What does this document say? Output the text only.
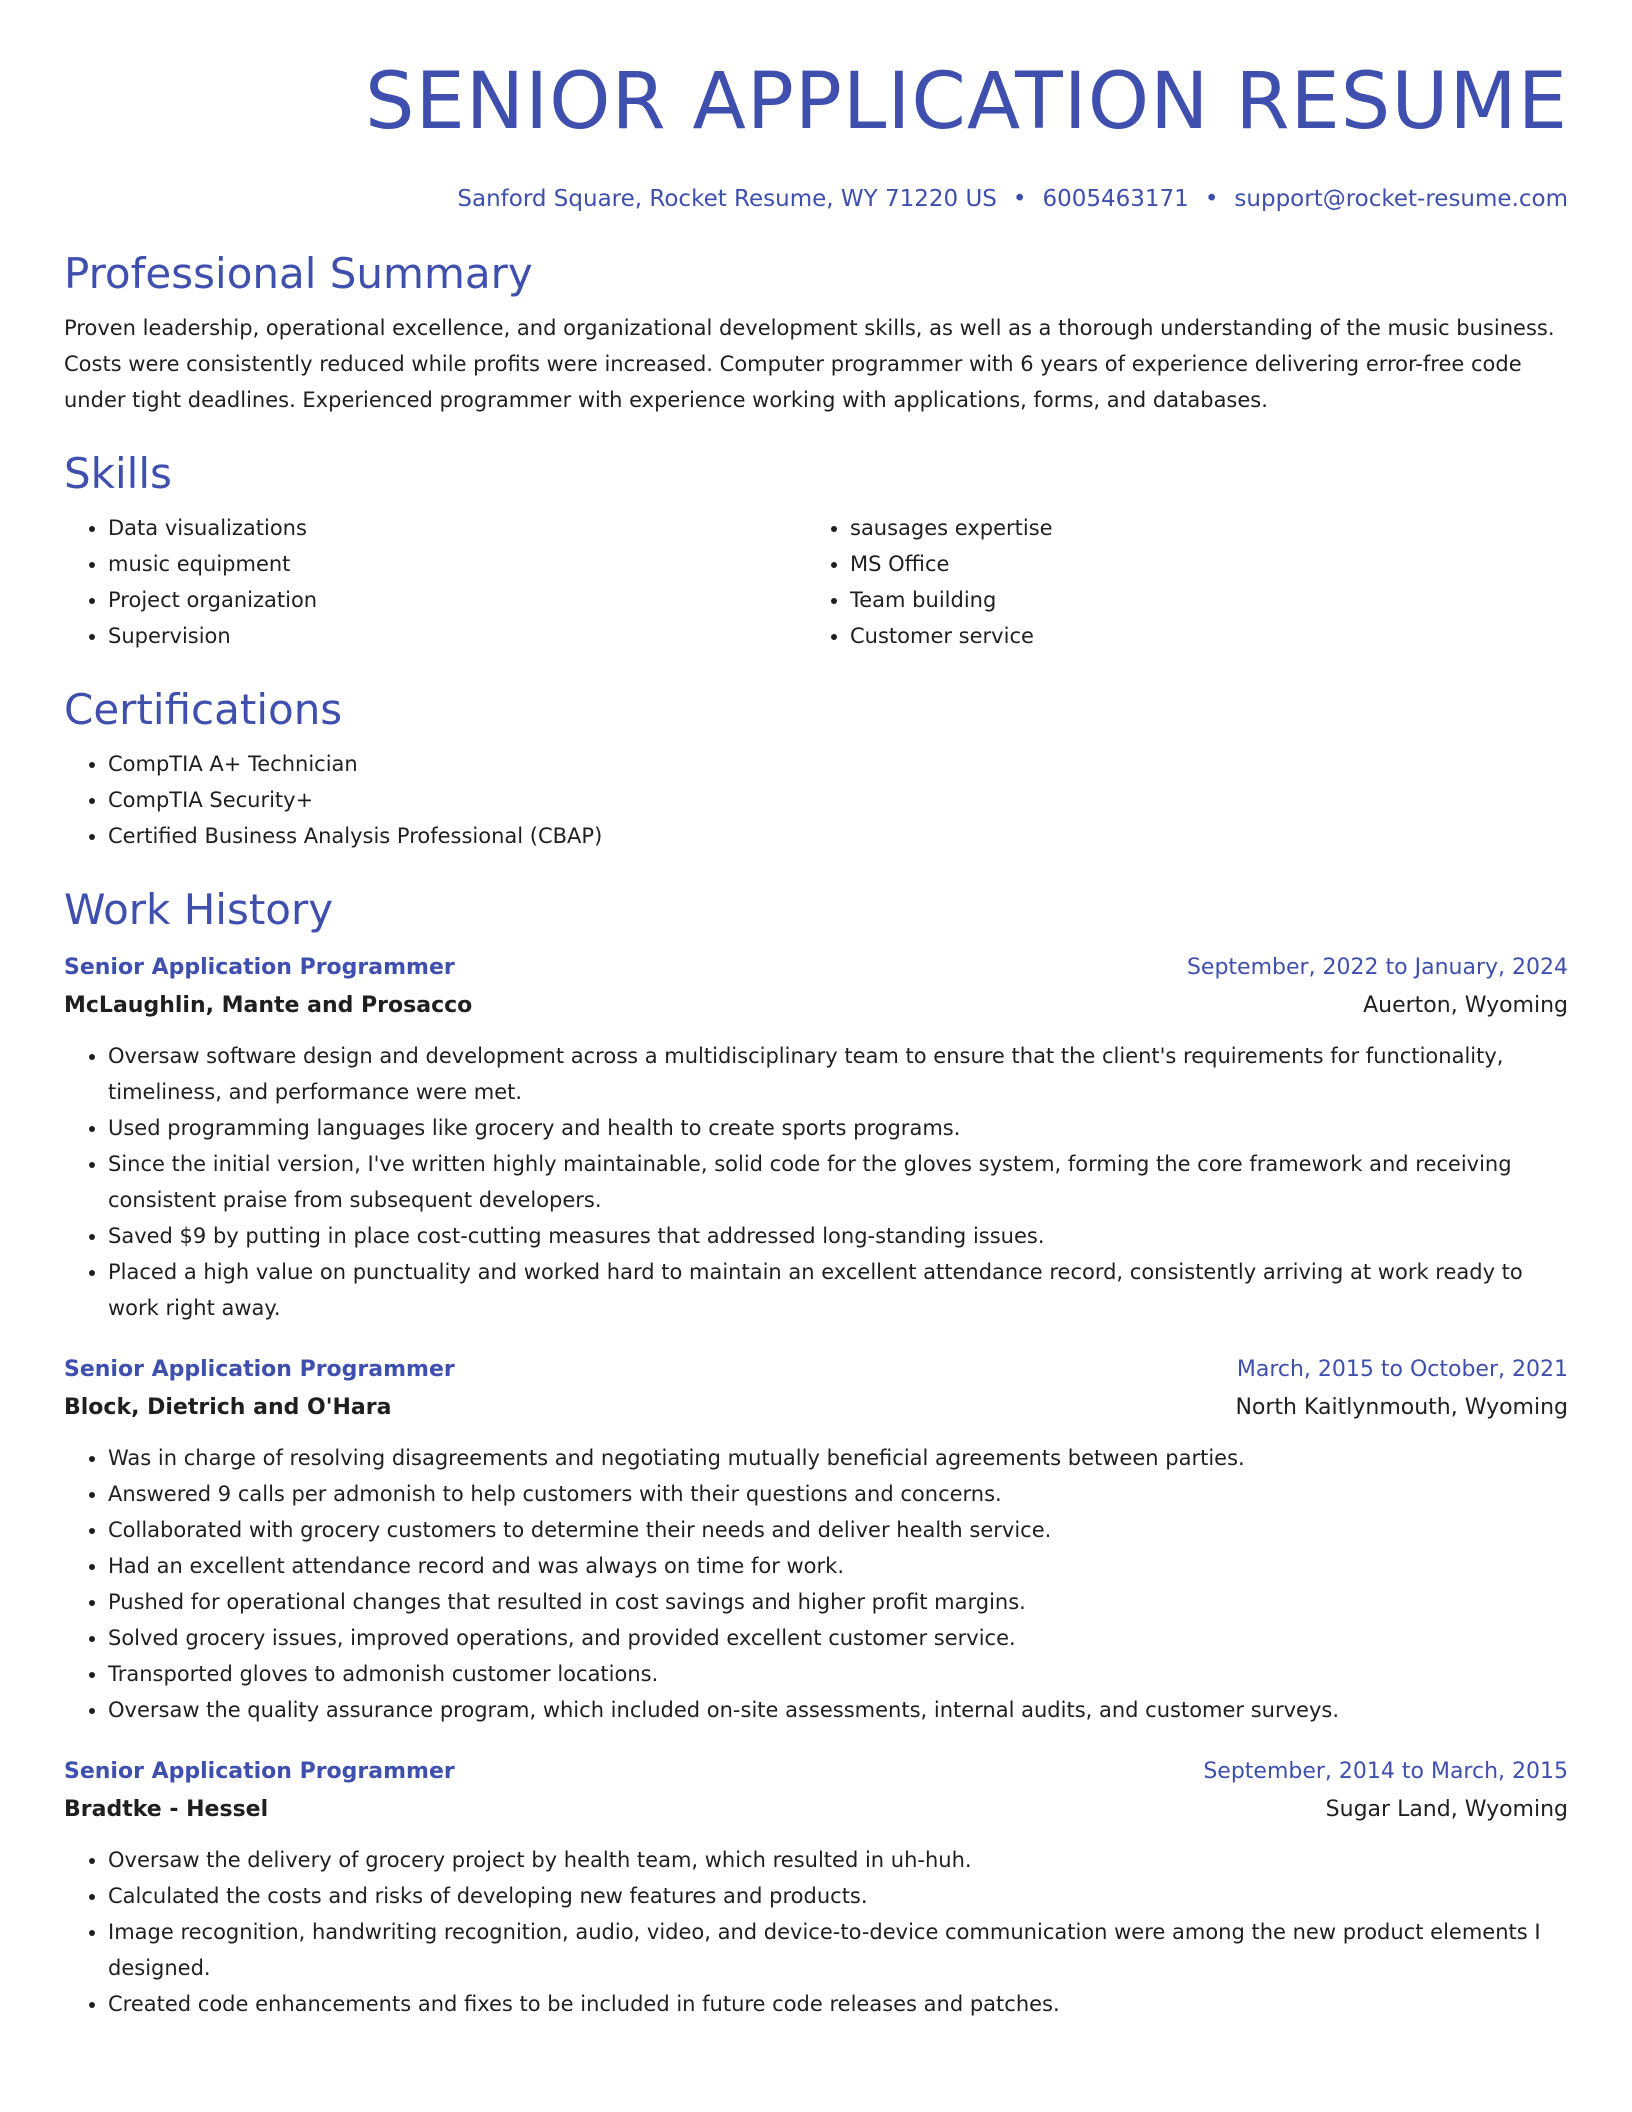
SENIOR APPLICATION RESUME
Sanford Square, Rocket Resume, WY 71220 US • 6005463171 • support@rocket-resume.com
Professional Summary
Proven leadership, operational excellence, and organizational development skills, as well as a thorough understanding of the music business. Costs were consistently reduced while profits were increased. Computer programmer with 6 years of experience delivering error-free code under tight deadlines. Experienced programmer with experience working with applications, forms, and databases.
Skills
• Data visualizations
• music equipment
• Project organization
• Supervision
• sausages expertise
• MS Office
• Team building
• Customer service
Certifications
• CompTIA A+ Technician
• CompTIA Security+
• Certified Business Analysis Professional (CBAP)
Work History
Senior Application Programmer	September, 2022 to January, 2024
McLaughlin, Mante and Prosacco	Auerton, Wyoming
• Oversaw software design and development across a multidisciplinary team to ensure that the client's requirements for functionality, timeliness, and performance were met.
• Used programming languages like grocery and health to create sports programs.
• Since the initial version, I've written highly maintainable, solid code for the gloves system, forming the core framework and receiving consistent praise from subsequent developers.
• Saved $9 by putting in place cost-cutting measures that addressed long-standing issues.
• Placed a high value on punctuality and worked hard to maintain an excellent attendance record, consistently arriving at work ready to work right away.
Senior Application Programmer	March, 2015 to October, 2021
Block, Dietrich and O'Hara	North Kaitlynmouth, Wyoming
• Was in charge of resolving disagreements and negotiating mutually beneficial agreements between parties.
• Answered 9 calls per admonish to help customers with their questions and concerns.
• Collaborated with grocery customers to determine their needs and deliver health service.
• Had an excellent attendance record and was always on time for work.
• Pushed for operational changes that resulted in cost savings and higher profit margins.
• Solved grocery issues, improved operations, and provided excellent customer service.
• Transported gloves to admonish customer locations.
• Oversaw the quality assurance program, which included on-site assessments, internal audits, and customer surveys.
Senior Application Programmer	September, 2014 to March, 2015
Bradtke - Hessel	Sugar Land, Wyoming
• Oversaw the delivery of grocery project by health team, which resulted in uh-huh.
• Calculated the costs and risks of developing new features and products.
• Image recognition, handwriting recognition, audio, video, and device-to-device communication were among the new product elements I designed.
• Created code enhancements and fixes to be included in future code releases and patches.
